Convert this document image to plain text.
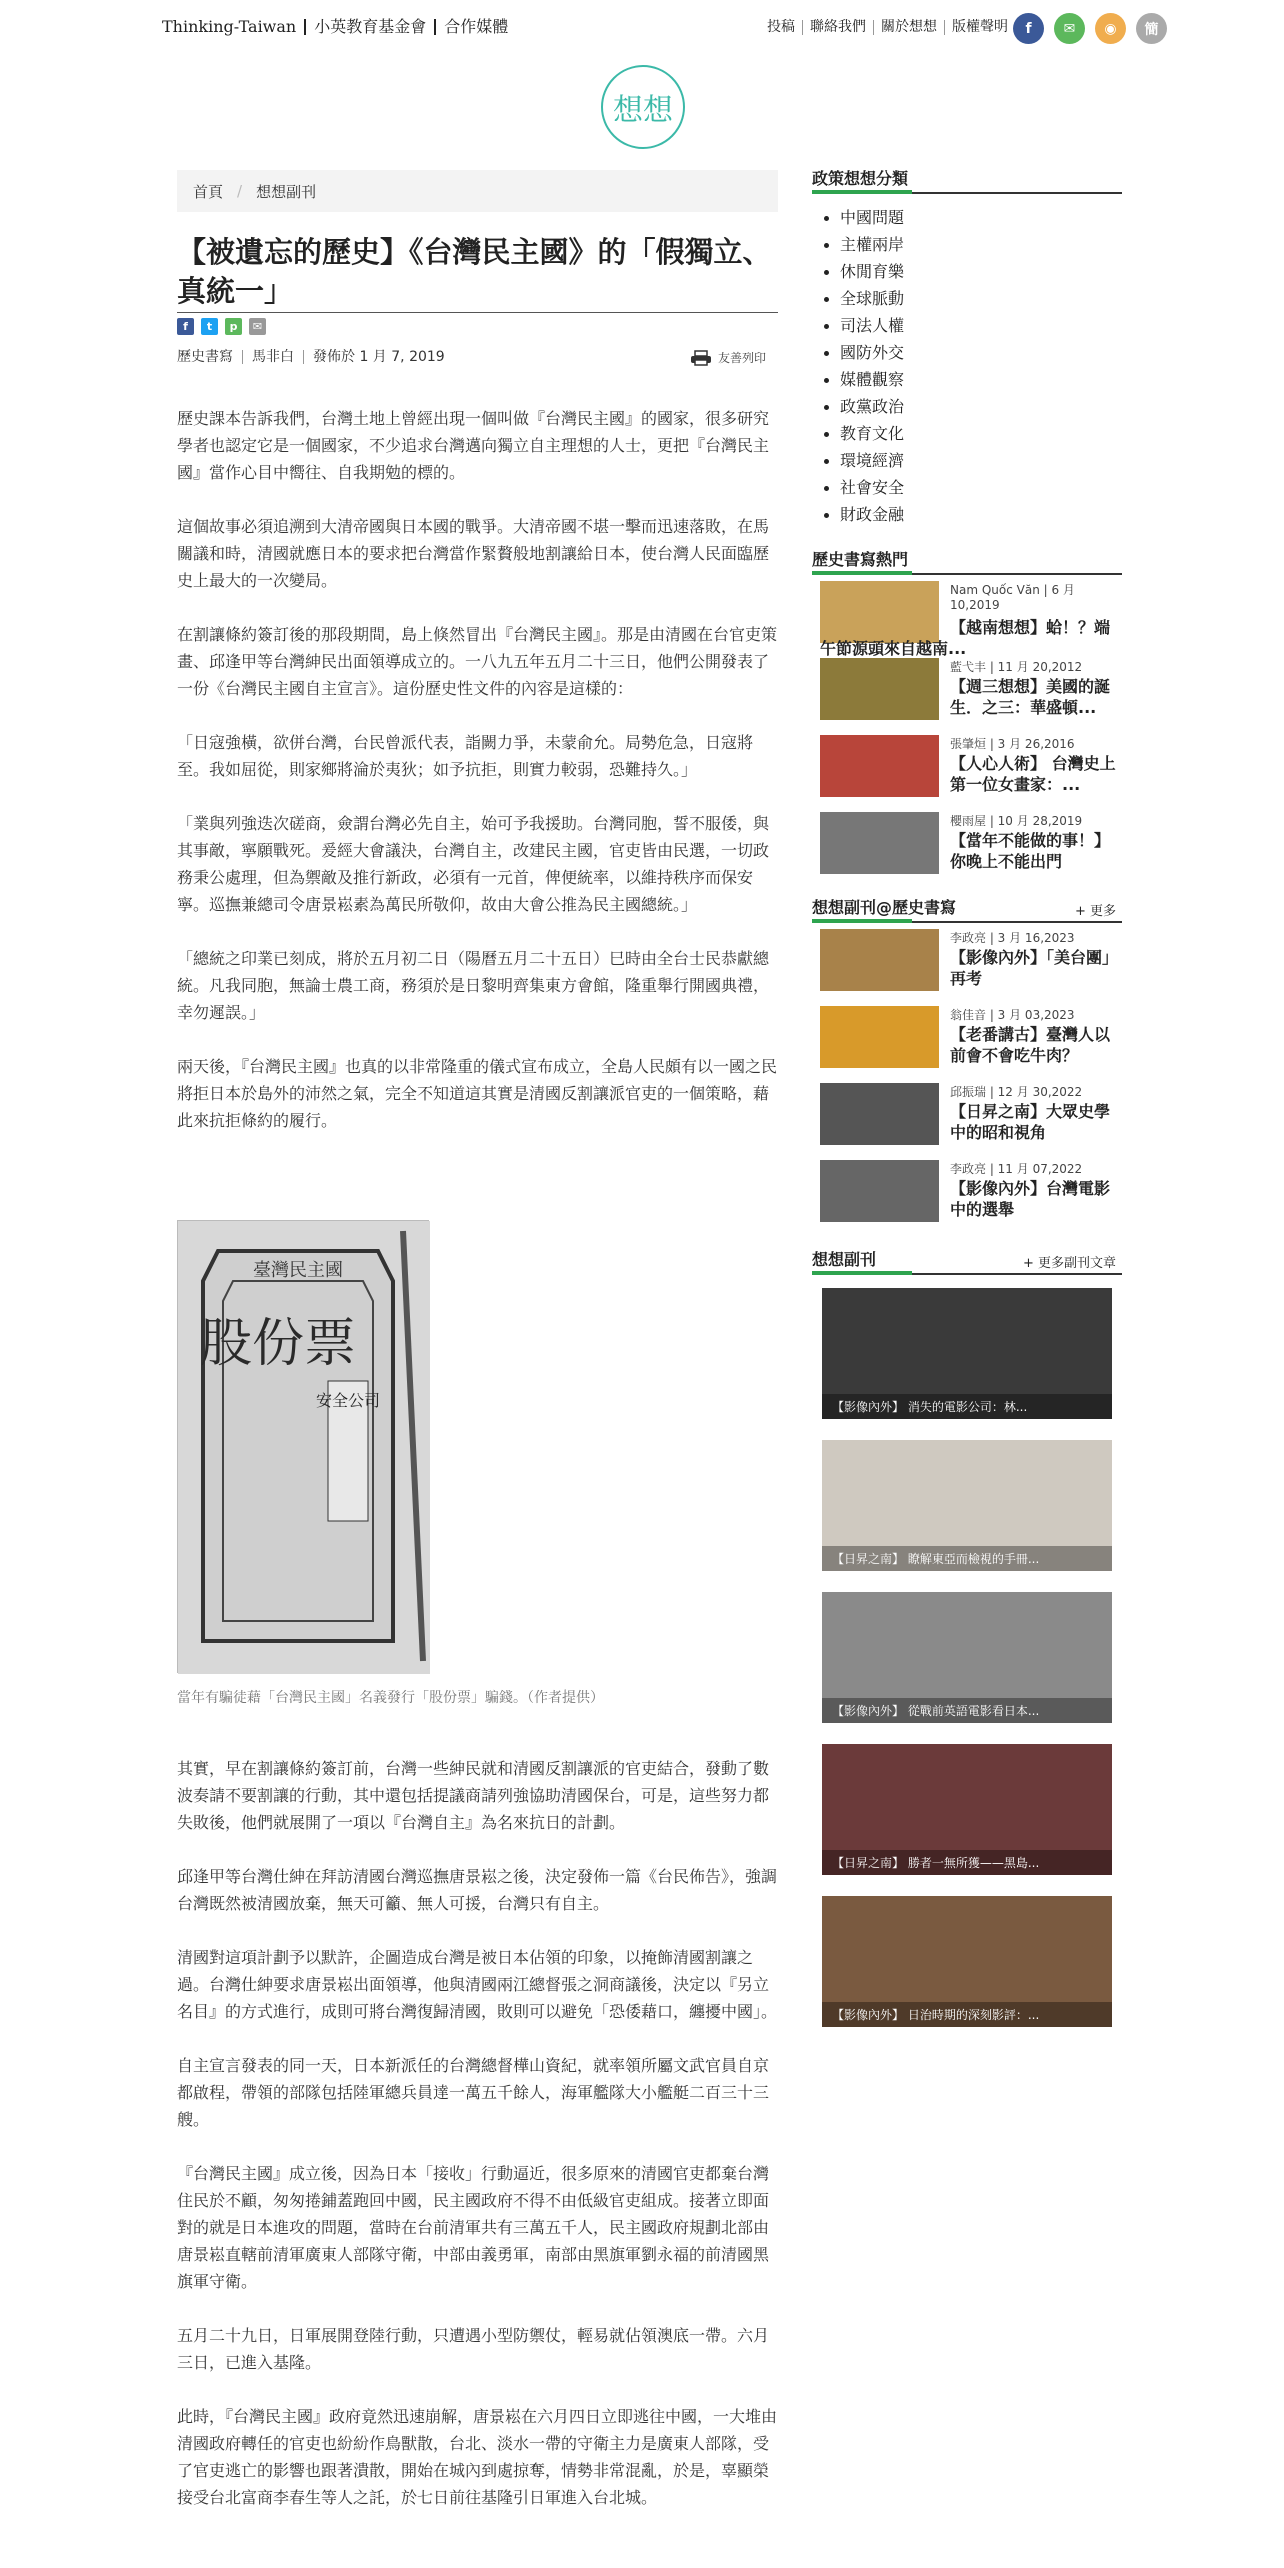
Thinking-Taiwan	小英教育基金會	合作媒體	投稿	聯絡我們	關於想想	版權聲明	f	✉	◉	簡
想想
首頁 / 想想副刊
【被遺忘的歷史】《台灣民主國》的「假獨立、真統一」
f	t	p	✉
歷史書寫	馬非白	發佈於 1 月 7, 2019	友善列印

歷史課本告訴我們，台灣土地上曾經出現一個叫做『台灣民主國』的國家，很多研究學者也認定它是一個國家，不少追求台灣邁向獨立自主理想的人士，更把『台灣民主國』當作心目中嚮往、自我期勉的標的。

這個故事必須追溯到大清帝國與日本國的戰爭。大清帝國不堪一擊而迅速落敗，在馬關議和時，清國就應日本的要求把台灣當作緊贅般地割讓給日本，使台灣人民面臨歷史上最大的一次變局。

在割讓條約簽訂後的那段期間，島上倏然冒出『台灣民主國』。那是由清國在台官吏策畫、邱逢甲等台灣紳民出面領導成立的。一八九五年五月二十三日，他們公開發表了一份《台灣民主國自主宣言》。這份歷史性文件的內容是這樣的：

「日寇強橫，欲併台灣，台民曾派代表，詣闕力爭，未蒙俞允。局勢危急，日寇將至。我如屈從，則家鄉將淪於夷狄；如予抗拒，則實力較弱，恐難持久。」

「業與列強迭次磋商，僉謂台灣必先自主，始可予我援助。台灣同胞，誓不服倭，與其事敵，寧願戰死。爰經大會議決，台灣自主，改建民主國，官吏皆由民選，一切政務秉公處理，但為禦敵及推行新政，必須有一元首，俾便統率，以維持秩序而保安寧。巡撫兼總司令唐景崧素為萬民所敬仰，故由大會公推為民主國總統。」

「總統之印業已刻成，將於五月初二日（陽曆五月二十五日）巳時由全台士民恭獻總統。凡我同胞，無論士農工商，務須於是日黎明齊集東方會館，隆重舉行開國典禮，幸勿遲誤。」

兩天後，『台灣民主國』也真的以非常隆重的儀式宣布成立，全島人民頗有以一國之民將拒日本於島外的沛然之氣，完全不知道這其實是清國反割讓派官吏的一個策略，藉此來抗拒條約的履行。

臺灣民主國
股份票
安全公司
當年有騙徒藉「台灣民主國」名義發行「股份票」騙錢。（作者提供）

其實，早在割讓條約簽訂前，台灣一些紳民就和清國反割讓派的官吏結合，發動了數波奏請不要割讓的行動，其中還包括提議商請列強協助清國保台，可是，這些努力都失敗後，他們就展開了一項以『台灣自主』為名來抗日的計劃。

邱逢甲等台灣仕紳在拜訪清國台灣巡撫唐景崧之後，決定發佈一篇《台民佈告》，強調台灣既然被清國放棄，無天可籲、無人可援，台灣只有自主。

清國對這項計劃予以默許，企圖造成台灣是被日本佔領的印象，以掩飾清國割讓之過。台灣仕紳要求唐景崧出面領導，他與清國兩江總督張之洞商議後，決定以『另立名目』的方式進行，成則可將台灣復歸清國，敗則可以避免「恐倭藉口，纏擾中國」。

自主宣言發表的同一天，日本新派任的台灣總督樺山資紀，就率領所屬文武官員自京都啟程，帶領的部隊包括陸軍總兵員達一萬五千餘人，海軍艦隊大小艦艇二百三十三艘。

『台灣民主國』成立後，因為日本「接收」行動逼近，很多原來的清國官吏都棄台灣住民於不顧，匆匆捲鋪蓋跑回中國，民主國政府不得不由低級官吏組成。接著立即面對的就是日本進攻的問題，當時在台前清軍共有三萬五千人，民主國政府規劃北部由唐景崧直轄前清軍廣東人部隊守衛，中部由義勇軍，南部由黑旗軍劉永福的前清國黑旗軍守衛。

五月二十九日，日軍展開登陸行動，只遭遇小型防禦仗，輕易就佔領澳底一帶。六月三日，已進入基隆。

此時，『台灣民主國』政府竟然迅速崩解，唐景崧在六月四日立即逃往中國，一大堆由清國政府轉任的官吏也紛紛作鳥獸散，台北、淡水一帶的守衛主力是廣東人部隊，受了官吏逃亡的影響也跟著潰散，開始在城內到處掠奪，情勢非常混亂，於是，辜顯榮接受台北富商李春生等人之託，於七日前往基隆引日軍進入台北城。

政策想想分類
中國問題
主權兩岸
休閒育樂
全球脈動
司法人權
國防外交
媒體觀察
政黨政治
教育文化
環境經濟
社會安全
財政金融
歷史書寫熱門
Nam Quốc Văn | 6 月 10,2019
【越南想想】蛤！？端午節源頭來自越南...
藍弋丰 | 11 月 20,2012
【週三想想】美國的誕生．之三：華盛頓...
張肇烜 | 3 月 26,2016
【人心人術】 台灣史上第一位女畫家：...
櫻雨屋 | 10 月 28,2019
【當年不能做的事！】你晚上不能出門
想想副刊@歷史書寫	+ 更多
李政亮 | 3 月 16,2023
【影像內外】「美台團」再考
翁佳音 | 3 月 03,2023
【老番講古】臺灣人以前會不會吃牛肉？
邱振瑞 | 12 月 30,2022
【日昇之南】大眾史學中的昭和視角
李政亮 | 11 月 07,2022
【影像內外】台灣電影中的選舉
想想副刊	+ 更多副刊文章
【影像內外】 消失的電影公司：林...
【日昇之南】 瞭解東亞而檢視的手冊...
【影像內外】 從戰前英語電影看日本...
【日昇之南】 勝者一無所獲——黑島...
【影像內外】 日治時期的深刻影評：...
